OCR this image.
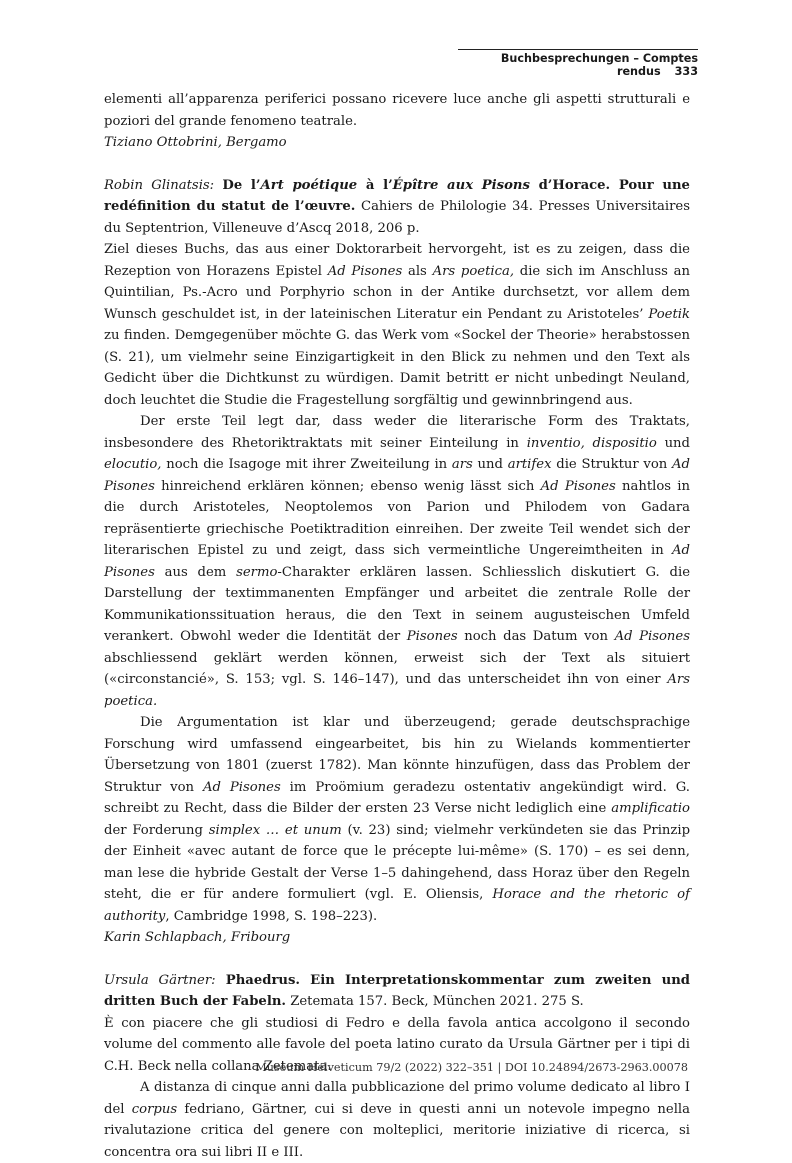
Buchbesprechungen – Comptes rendus 333

elementi all’apparenza periferici possano ricevere luce anche gli aspetti strutturali e poziori del grande fenomeno teatrale.

Tiziano Ottobrini, Bergamo

Robin Glinatsis: De l’Art poétique à l’Épître aux Pisons d’Horace. Pour une redéfinition du statut de l’œuvre. Cahiers de Philologie 34. Presses Universitaires du Septentrion, Villeneuve d’Ascq 2018, 206 p.

Ziel dieses Buchs, das aus einer Doktorarbeit hervorgeht, ist es zu zeigen, dass die Rezeption von Horazens Epistel Ad Pisones als Ars poetica, die sich im Anschluss an Quintilian, Ps.-Acro und Porphyrio schon in der Antike durchsetzt, vor allem dem Wunsch geschuldet ist, in der lateinischen Literatur ein Pendant zu Aristoteles’ Poetik zu finden. Demgegenüber möchte G. das Werk vom «Sockel der Theorie» herabstossen (S. 21), um vielmehr seine Einzigartigkeit in den Blick zu nehmen und den Text als Gedicht über die Dichtkunst zu würdigen. Damit betritt er nicht unbedingt Neuland, doch leuchtet die Studie die Fragestellung sorgfältig und gewinnbringend aus.

Der erste Teil legt dar, dass weder die literarische Form des Traktats, insbesondere des Rhetoriktraktats mit seiner Einteilung in inventio, dispositio und elocutio, noch die Isagoge mit ihrer Zweiteilung in ars und artifex die Struktur von Ad Pisones hinreichend erklären können; ebenso wenig lässt sich Ad Pisones nahtlos in die durch Aristoteles, Neoptolemos von Parion und Philodem von Gadara repräsentierte griechische Poetiktradition einreihen. Der zweite Teil wendet sich der literarischen Epistel zu und zeigt, dass sich vermeintliche Ungereimtheiten in Ad Pisones aus dem sermo-Charakter erklären lassen. Schliesslich diskutiert G. die Darstellung der textimmanenten Empfänger und arbeitet die zentrale Rolle der Kommunikationssituation heraus, die den Text in seinem augusteischen Umfeld verankert. Obwohl weder die Identität der Pisones noch das Datum von Ad Pisones abschliessend geklärt werden können, erweist sich der Text als situiert («circonstancié», S. 153; vgl. S. 146–147), und das unterscheidet ihn von einer Ars poetica.

Die Argumentation ist klar und überzeugend; gerade deutschsprachige Forschung wird umfassend eingearbeitet, bis hin zu Wielands kommentierter Übersetzung von 1801 (zuerst 1782). Man könnte hinzufügen, dass das Problem der Struktur von Ad Pisones im Proömium geradezu ostentativ angekündigt wird. G. schreibt zu Recht, dass die Bilder der ersten 23 Verse nicht lediglich eine amplificatio der Forderung simplex … et unum (v. 23) sind; vielmehr verkündeten sie das Prinzip der Einheit «avec autant de force que le précepte lui-même» (S. 170) – es sei denn, man lese die hybride Gestalt der Verse 1–5 dahingehend, dass Horaz über den Regeln steht, die er für andere formuliert (vgl. E. Oliensis, Horace and the rhetoric of authority, Cambridge 1998, S. 198–223).

Karin Schlapbach, Fribourg

Ursula Gärtner: Phaedrus. Ein Interpretationskommentar zum zweiten und dritten Buch der Fabeln. Zetemata 157. Beck, München 2021. 275 S.

È con piacere che gli studiosi di Fedro e della favola antica accolgono il secondo volume del commento alle favole del poeta latino curato da Ursula Gärtner per i tipi di C.H. Beck nella collana Zetemata.

A distanza di cinque anni dalla pubblicazione del primo volume dedicato al libro I del corpus fedriano, Gärtner, cui si deve in questi anni un notevole impegno nella rivalutazione critica del genere con molteplici, meritorie iniziative di ricerca, si concentra ora sui libri II e III.

Museum Helveticum 79/2 (2022) 322–351 | DOI 10.24894/2673-2963.00078
